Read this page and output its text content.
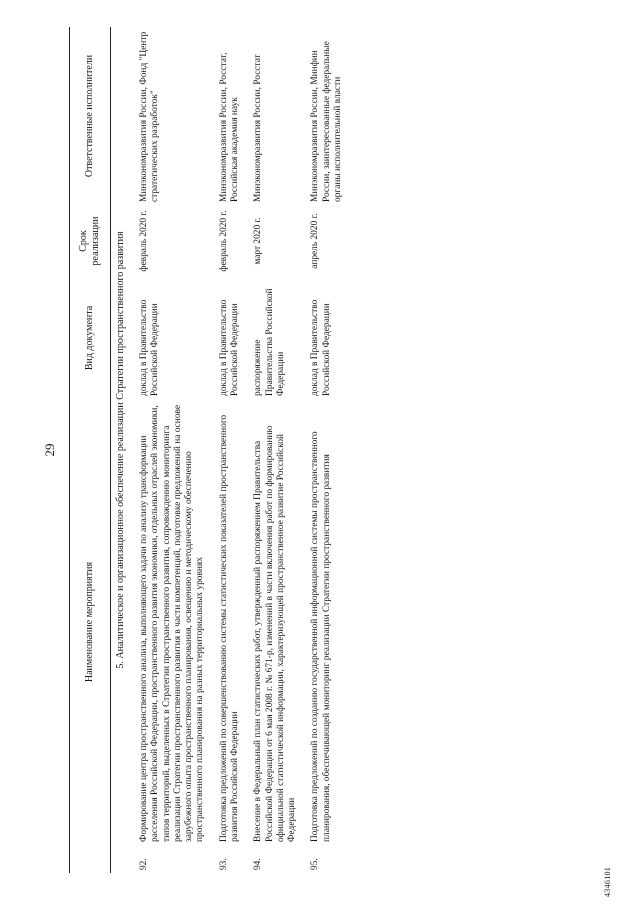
29
	Наименование мероприятия	Вид документа	Срок реализации	Ответственные исполнители
5. Аналитическое и организационное обеспечение реализации Стратегии пространственного развития				
92.	Формирование центра пространственного анализа, выполняющего задачи по анализу трансформации расселения Российской Федерации, пространственного развития экономики, отдельных отраслей экономики, типов территорий, выделенных в Стратегии пространственного развития, сопровождению мониторинга реализации Стратегии пространственного развития в части компетенций, подготовке предложений на основе зарубежного опыта пространственного планирования, освещению и методическому обеспечению пространственного планирования на разных территориальных уровнях	доклад в Правительство Российской Федерации	февраль 2020 г.	Минэкономразвития России, Фонд "Центр стратегических разработок"
93.	Подготовка предложений по совершенствованию системы статистических показателей пространственного развития Российской Федерации	доклад в Правительство Российской Федерации	февраль 2020 г.	Минэкономразвития России, Росстат, Российская академия наук
94.	Внесение в Федеральный план статистических работ, утвержденный распоряжением Правительства Российской Федерации от 6 мая 2008 г. № 671-р, изменений в части включения работ по формированию официальной статистической информации, характеризующей пространственное развитие Российской Федерации	распоряжение Правительства Российской Федерации	март 2020 г.	Минэкономразвития России, Росстат
95.	Подготовка предложений по созданию государственной информационной системы пространственного планирования, обеспечивающей мониторинг реализации Стратегии пространственного развития	доклад в Правительство Российской Федерации	апрель 2020 г.	Минэкономразвития России, Минфин России, заинтересованные федеральные органы исполнительной власти
4346101
